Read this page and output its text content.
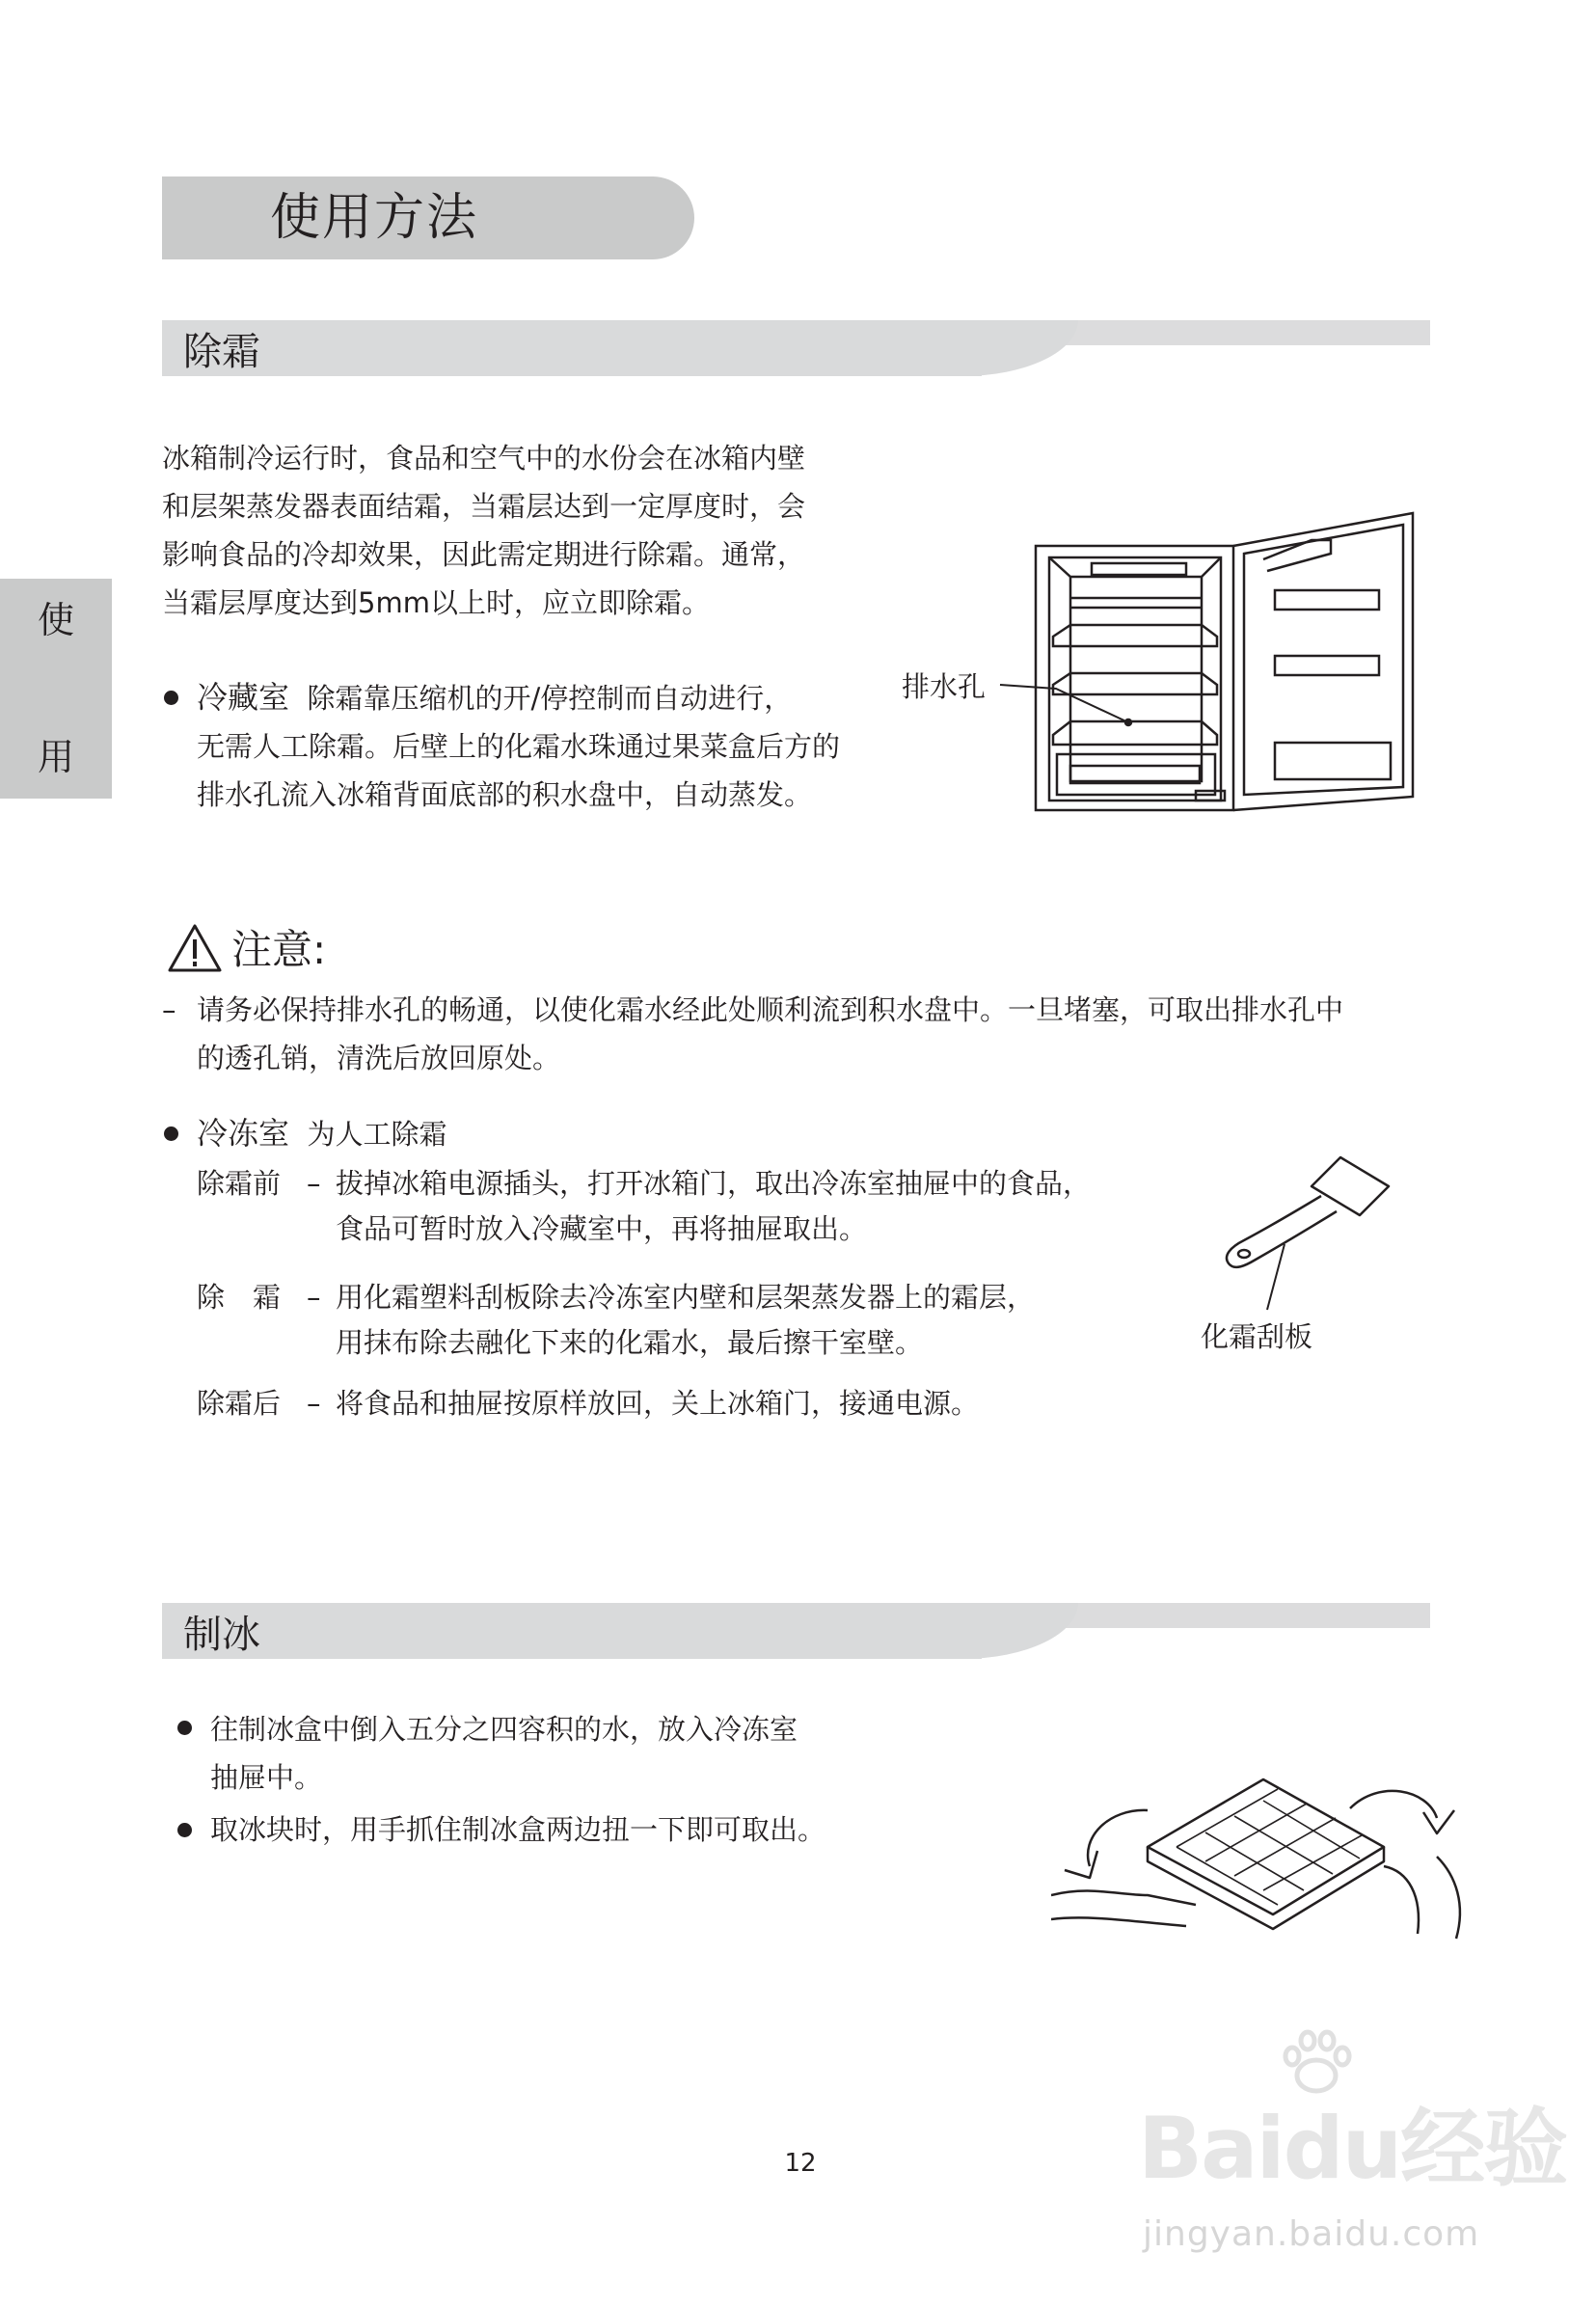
使用方法
使
用
除霜
冰箱制冷运行时，食品和空气中的水份会在冰箱内壁
和层架蒸发器表面结霜，当霜层达到一定厚度时，会
影响食品的冷却效果，因此需定期进行除霜。通常，
当霜层厚度达到5mm以上时，应立即除霜。
冷藏室 除霜靠压缩机的开/停控制而自动进行，
无需人工除霜。后壁上的化霜水珠通过果菜盒后方的
排水孔流入冰箱背面底部的积水盘中，自动蒸发。
排水孔
注意:
– 请务必保持排水孔的畅通，以使化霜水经此处顺利流到积水盘中。一旦堵塞，可取出排水孔中
的透孔销，清洗后放回原处。
冷冻室 为人工除霜
除霜前 – 拔掉冰箱电源插头，打开冰箱门，取出冷冻室抽屉中的食品，
食品可暂时放入冷藏室中，再将抽屉取出。
除　霜 – 用化霜塑料刮板除去冷冻室内壁和层架蒸发器上的霜层，
用抹布除去融化下来的化霜水，最后擦干室壁。
除霜后 – 将食品和抽屉按原样放回，关上冰箱门，接通电源。
化霜刮板
制冰
往制冰盒中倒入五分之四容积的水，放入冷冻室
抽屉中。
取冰块时，用手抓住制冰盒两边扭一下即可取出。
12	Baidu经验
jingyan.baidu.com
